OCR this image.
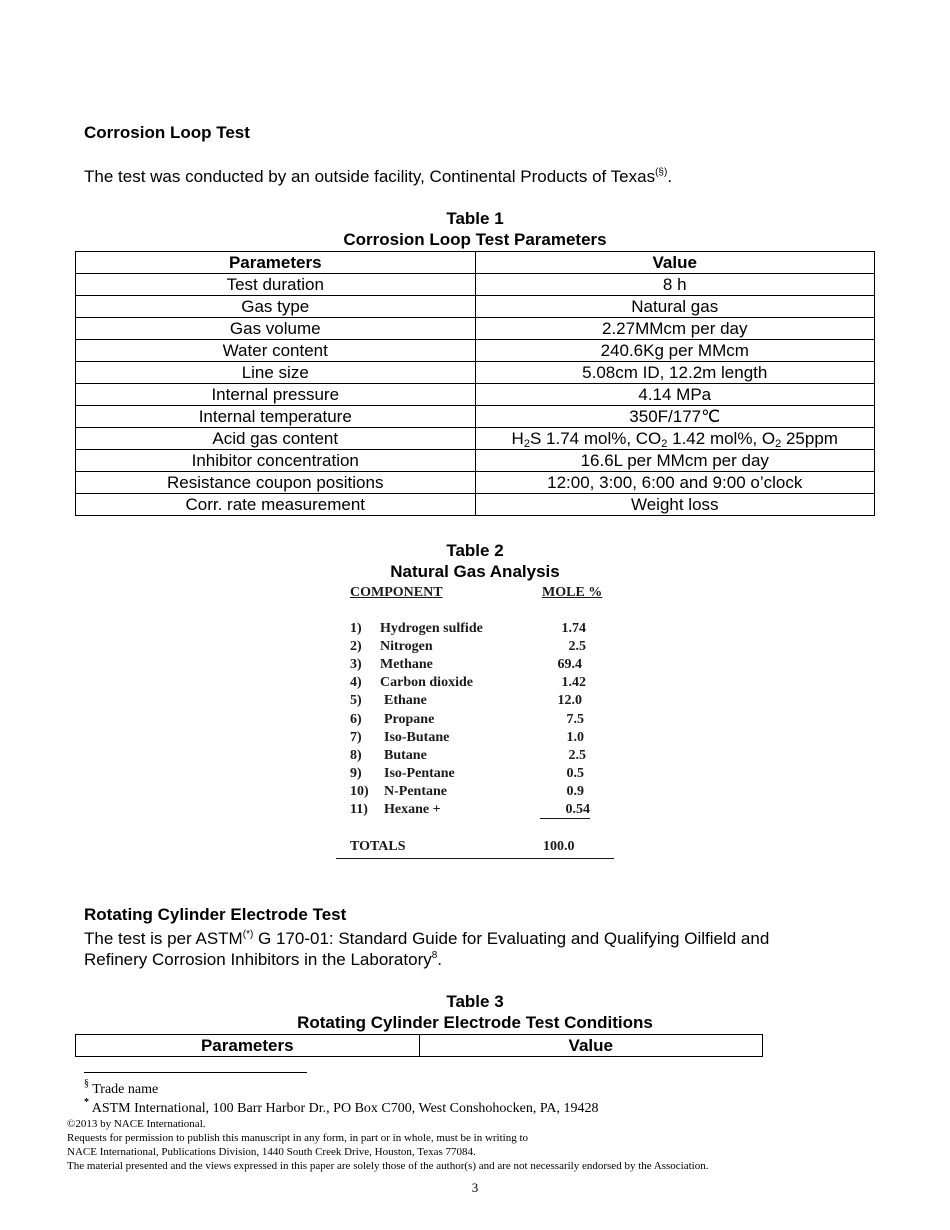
Corrosion Loop Test
The test was conducted by an outside facility, Continental Products of Texas(§).
Table 1
Corrosion Loop Test Parameters
Parameters	Value
Test duration	8 h
Gas type	Natural gas
Gas volume	2.27MMcm per day
Water content	240.6Kg per MMcm
Line size	5.08cm ID, 12.2m length
Internal pressure	4.14 MPa
Internal temperature	350F/177℃
Acid gas content	$H_2S$ 1.74 mol%, $CO_2$ 1.42 mol%, $O_2$ 25ppm
Inhibitor concentration	16.6L per MMcm per day
Resistance coupon positions	12:00, 3:00, 6:00 and 9:00 o’clock
Corr. rate measurement	Weight loss
Table 2
Natural Gas Analysis
COMPONENT	MOLE %
1) Hydrogen sulfide	1.74
2) Nitrogen	2.5
3) Methane	69.4
4) Carbon dioxide	1.42
5) Ethane	12.0
6) Propane	7.5
7) Iso-Butane	1.0
8) Butane	2.5
9) Iso-Pentane	0.5
10) N-Pentane	0.9
11) Hexane +	0.54
TOTALS	100.0
Rotating Cylinder Electrode Test
The test is per ASTM(*) G 170-01: Standard Guide for Evaluating and Qualifying Oilfield and
Refinery Corrosion Inhibitors in the Laboratory$^8$.
Table 3
Rotating Cylinder Electrode Test Conditions
Parameters	Value
§ Trade name
* ASTM International, 100 Barr Harbor Dr., PO Box C700, West Conshohocken, PA, 19428
©2013 by NACE International.
Requests for permission to publish this manuscript in any form, in part or in whole, must be in writing to
NACE International, Publications Division, 1440 South Creek Drive, Houston, Texas 77084.
The material presented and the views expressed in this paper are solely those of the author(s) and are not necessarily endorsed by the Association.
3
